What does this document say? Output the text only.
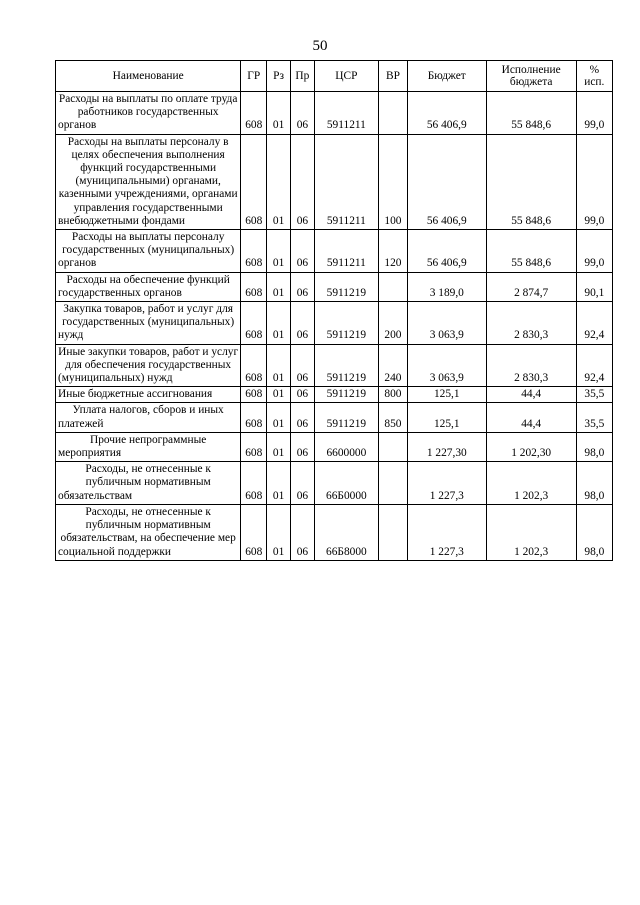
50
Наименование	ГР	Рз	Пр	ЦСР	ВР	Бюджет	Исполнение бюджета	% исп.
Расходы на выплаты по оплате труда работников государственных органов	608	01	06	5911211		56 406,9	55 848,6	99,0
Расходы на выплаты персоналу в целях обеспечения выполнения функций государственными (муниципальными) органами, казенными учреждениями, органами управления государственными внебюджетными фондами	608	01	06	5911211	100	56 406,9	55 848,6	99,0
Расходы на выплаты персоналу государственных (муниципальных) органов	608	01	06	5911211	120	56 406,9	55 848,6	99,0
Расходы на обеспечение функций государственных органов	608	01	06	5911219		3 189,0	2 874,7	90,1
Закупка товаров, работ и услуг для государственных (муниципальных) нужд	608	01	06	5911219	200	3 063,9	2 830,3	92,4
Иные закупки товаров, работ и услуг для обеспечения государственных (муниципальных) нужд	608	01	06	5911219	240	3 063,9	2 830,3	92,4
Иные бюджетные ассигнования	608	01	06	5911219	800	125,1	44,4	35,5
Уплата налогов, сборов и иных платежей	608	01	06	5911219	850	125,1	44,4	35,5
Прочие непрограммные мероприятия	608	01	06	6600000		1 227,30	1 202,30	98,0
Расходы, не отнесенные к публичным нормативным обязательствам	608	01	06	66Б0000		1 227,3	1 202,3	98,0
Расходы, не отнесенные к публичным нормативным обязательствам, на обеспечение мер социальной поддержки	608	01	06	66Б8000		1 227,3	1 202,3	98,0
